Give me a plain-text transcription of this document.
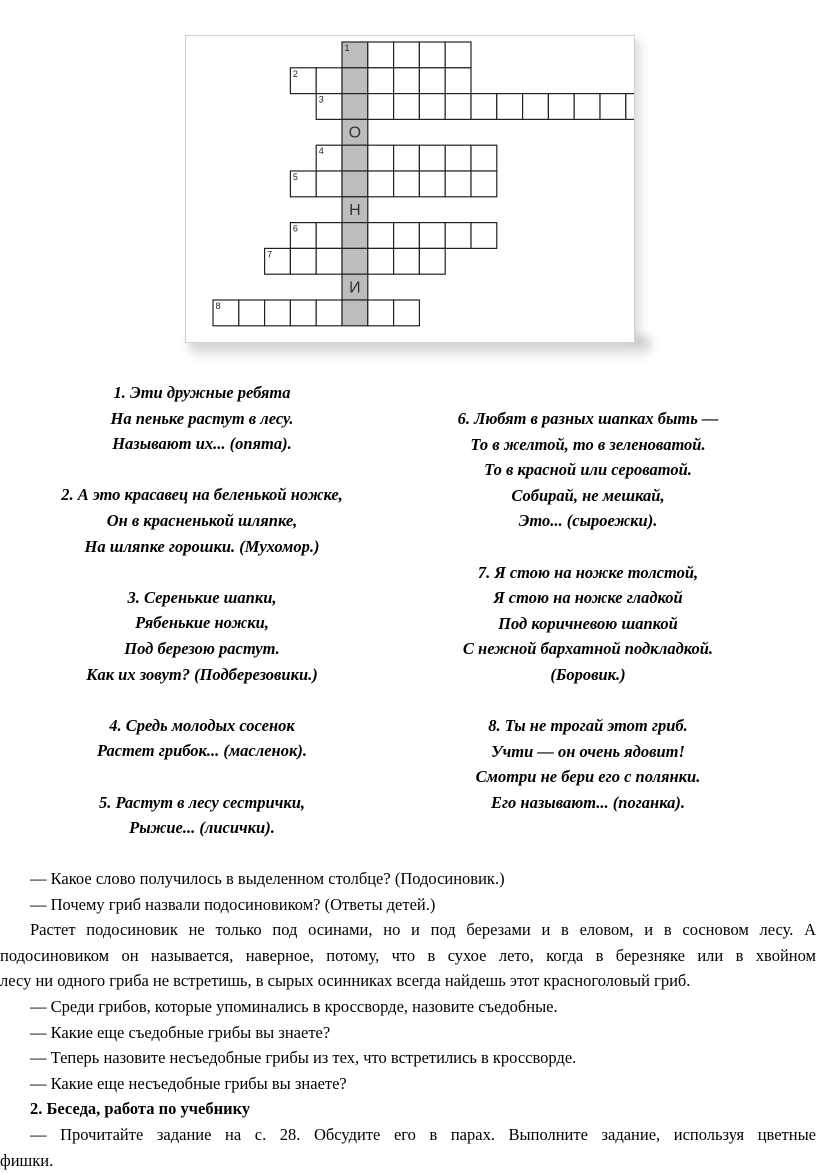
1
2
3
О
4
5
Н
6
7
И
8
1. Эти дружные ребята
На пеньке растут в лесу.
Называют их... (опята).
2. А это красавец на беленькой ножке,
Он в красненькой шляпке,
На шляпке горошки. (Мухомор.)
3. Серенькие шапки,
Рябенькие ножки,
Под березою растут.
Как их зовут? (Подберезовики.)
4. Средь молодых сосенок
Растет грибок... (масленок).
5. Растут в лесу сестрички,
Рыжие... (лисички).
6. Любят в разных шапках быть —
То в желтой, то в зеленоватой.
То в красной или сероватой.
Собирай, не мешкай,
Это... (сыроежки).
7. Я стою на ножке толстой,
Я стою на ножке гладкой
Под коричневою шапкой
С нежной бархатной подкладкой.
(Боровик.)
8. Ты не трогай этот гриб.
Учти — он очень ядовит!
Смотри не бери его с полянки.
Его называют... (поганка).
— Какое слово получилось в выделенном столбце? (Подосиновик.)
— Почему гриб назвали подосиновиком? (Ответы детей.)
Растет подосиновик не только под осинами, но и под березами и в еловом, и в сосновом лесу. А
подосиновиком он называется, наверное, потому, что в сухое лето, когда в березняке или в хвойном
лесу ни одного гриба не встретишь, в сырых осинниках всегда найдешь этот красноголовый гриб.
— Среди грибов, которые упоминались в кроссворде, назовите съедобные.
— Какие еще съедобные грибы вы знаете?
— Теперь назовите несъедобные грибы из тех, что встретились в кроссворде.
— Какие еще несъедобные грибы вы знаете?
2. Беседа, работа по учебнику
— Прочитайте задание на с. 28. Обсудите его в парах. Выполните задание, используя цветные
фишки.
